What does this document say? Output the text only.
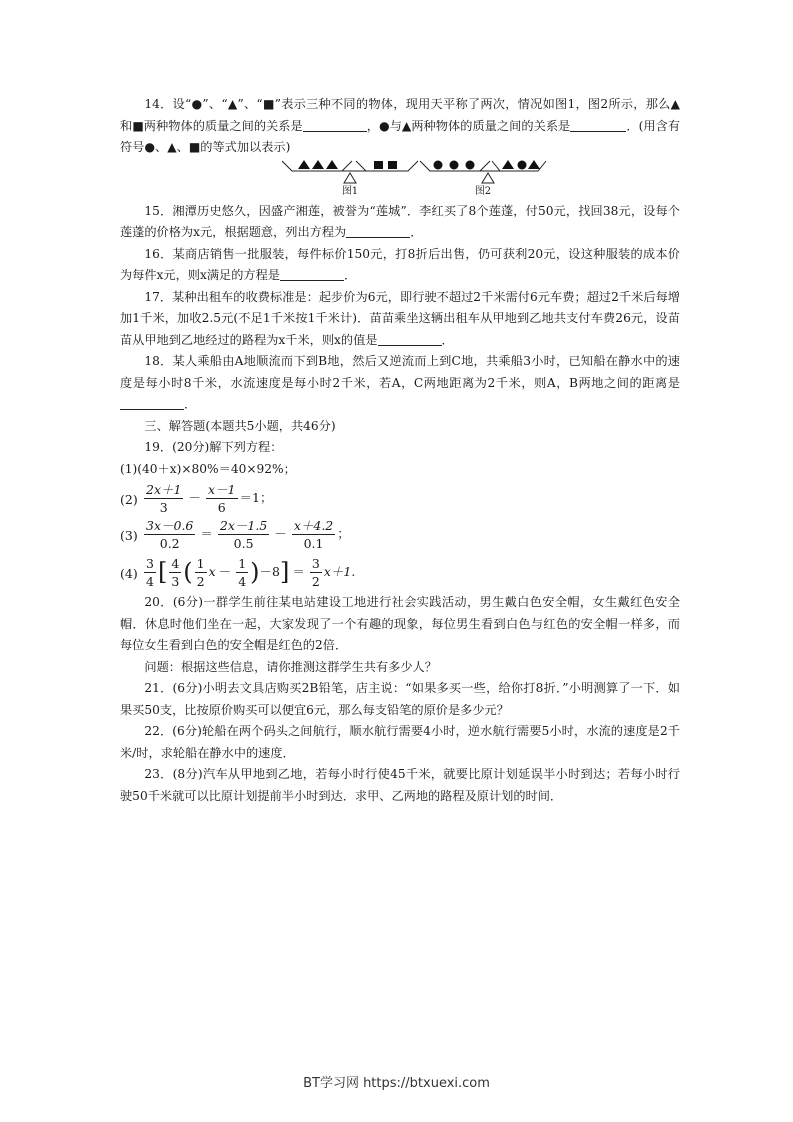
14．设“●”、“▲”、“■”表示三种不同的物体，现用天平称了两次，情况如图1，图2所示，那么▲和■两种物体的质量之间的关系是	，●与▲两种物体的质量之间的关系是	．(用含有符号●、▲、■的等式加以表示)

图1	图2

15．湘潭历史悠久，因盛产湘莲，被誉为“莲城”．李红买了8个莲蓬，付50元，找回38元，设每个莲蓬的价格为x元，根据题意，列出方程为	．

16．某商店销售一批服装，每件标价150元，打8折后出售，仍可获利20元，设这种服装的成本价为每件x元，则x满足的方程是	．

17．某种出租车的收费标准是：起步价为6元，即行驶不超过2千米需付6元车费；超过2千米后每增加1千米，加收2.5元(不足1千米按1千米计)．苗苗乘坐这辆出租车从甲地到乙地共支付车费26元，设苗苗从甲地到乙地经过的路程为x千米，则x的值是	．

18．某人乘船由A地顺流而下到B地，然后又逆流而上到C地，共乘船3小时，已知船在静水中的速度是每小时8千米，水流速度是每小时2千米，若A，C两地距离为2千米，则A，B两地之间的距离是．

三、解答题(本题共5小题，共46分)

19．(20分)解下列方程：

(1)(40＋x)×80%＝40×92%；

$(2) \frac{2x+1}{3} - \frac{x-1}{6} =1$；
$(3) \frac{3x-0.6}{0.2} = \frac{2x-1.5}{0.5} - \frac{x+4.2}{0.1}$ ；
$(4) \frac{3}{4}$ [ $\frac{4}{3}$ ( $\frac{1}{2}$ $x - \frac{1}{4}$ ) －8 ] ＝ $\frac{3}{2} x+1$.

20．(6分)一群学生前往某电站建设工地进行社会实践活动，男生戴白色安全帽，女生戴红色安全帽．休息时他们坐在一起，大家发现了一个有趣的现象，每位男生看到白色与红色的安全帽一样多，而每位女生看到白色的安全帽是红色的2倍．

问题：根据这些信息，请你推测这群学生共有多少人？

21．(6分)小明去文具店购买2B铅笔，店主说：“如果多买一些，给你打8折．”小明测算了一下．如果买50支，比按原价购买可以便宜6元，那么每支铅笔的原价是多少元？

22．(6分)轮船在两个码头之间航行，顺水航行需要4小时，逆水航行需要5小时，水流的速度是2千米/时，求轮船在静水中的速度．

23．(8分)汽车从甲地到乙地，若每小时行使45千米，就要比原计划延误半小时到达；若每小时行驶50千米就可以比原计划提前半小时到达．求甲、乙两地的路程及原计划的时间．

BT学习网 https://btxuexi.com
